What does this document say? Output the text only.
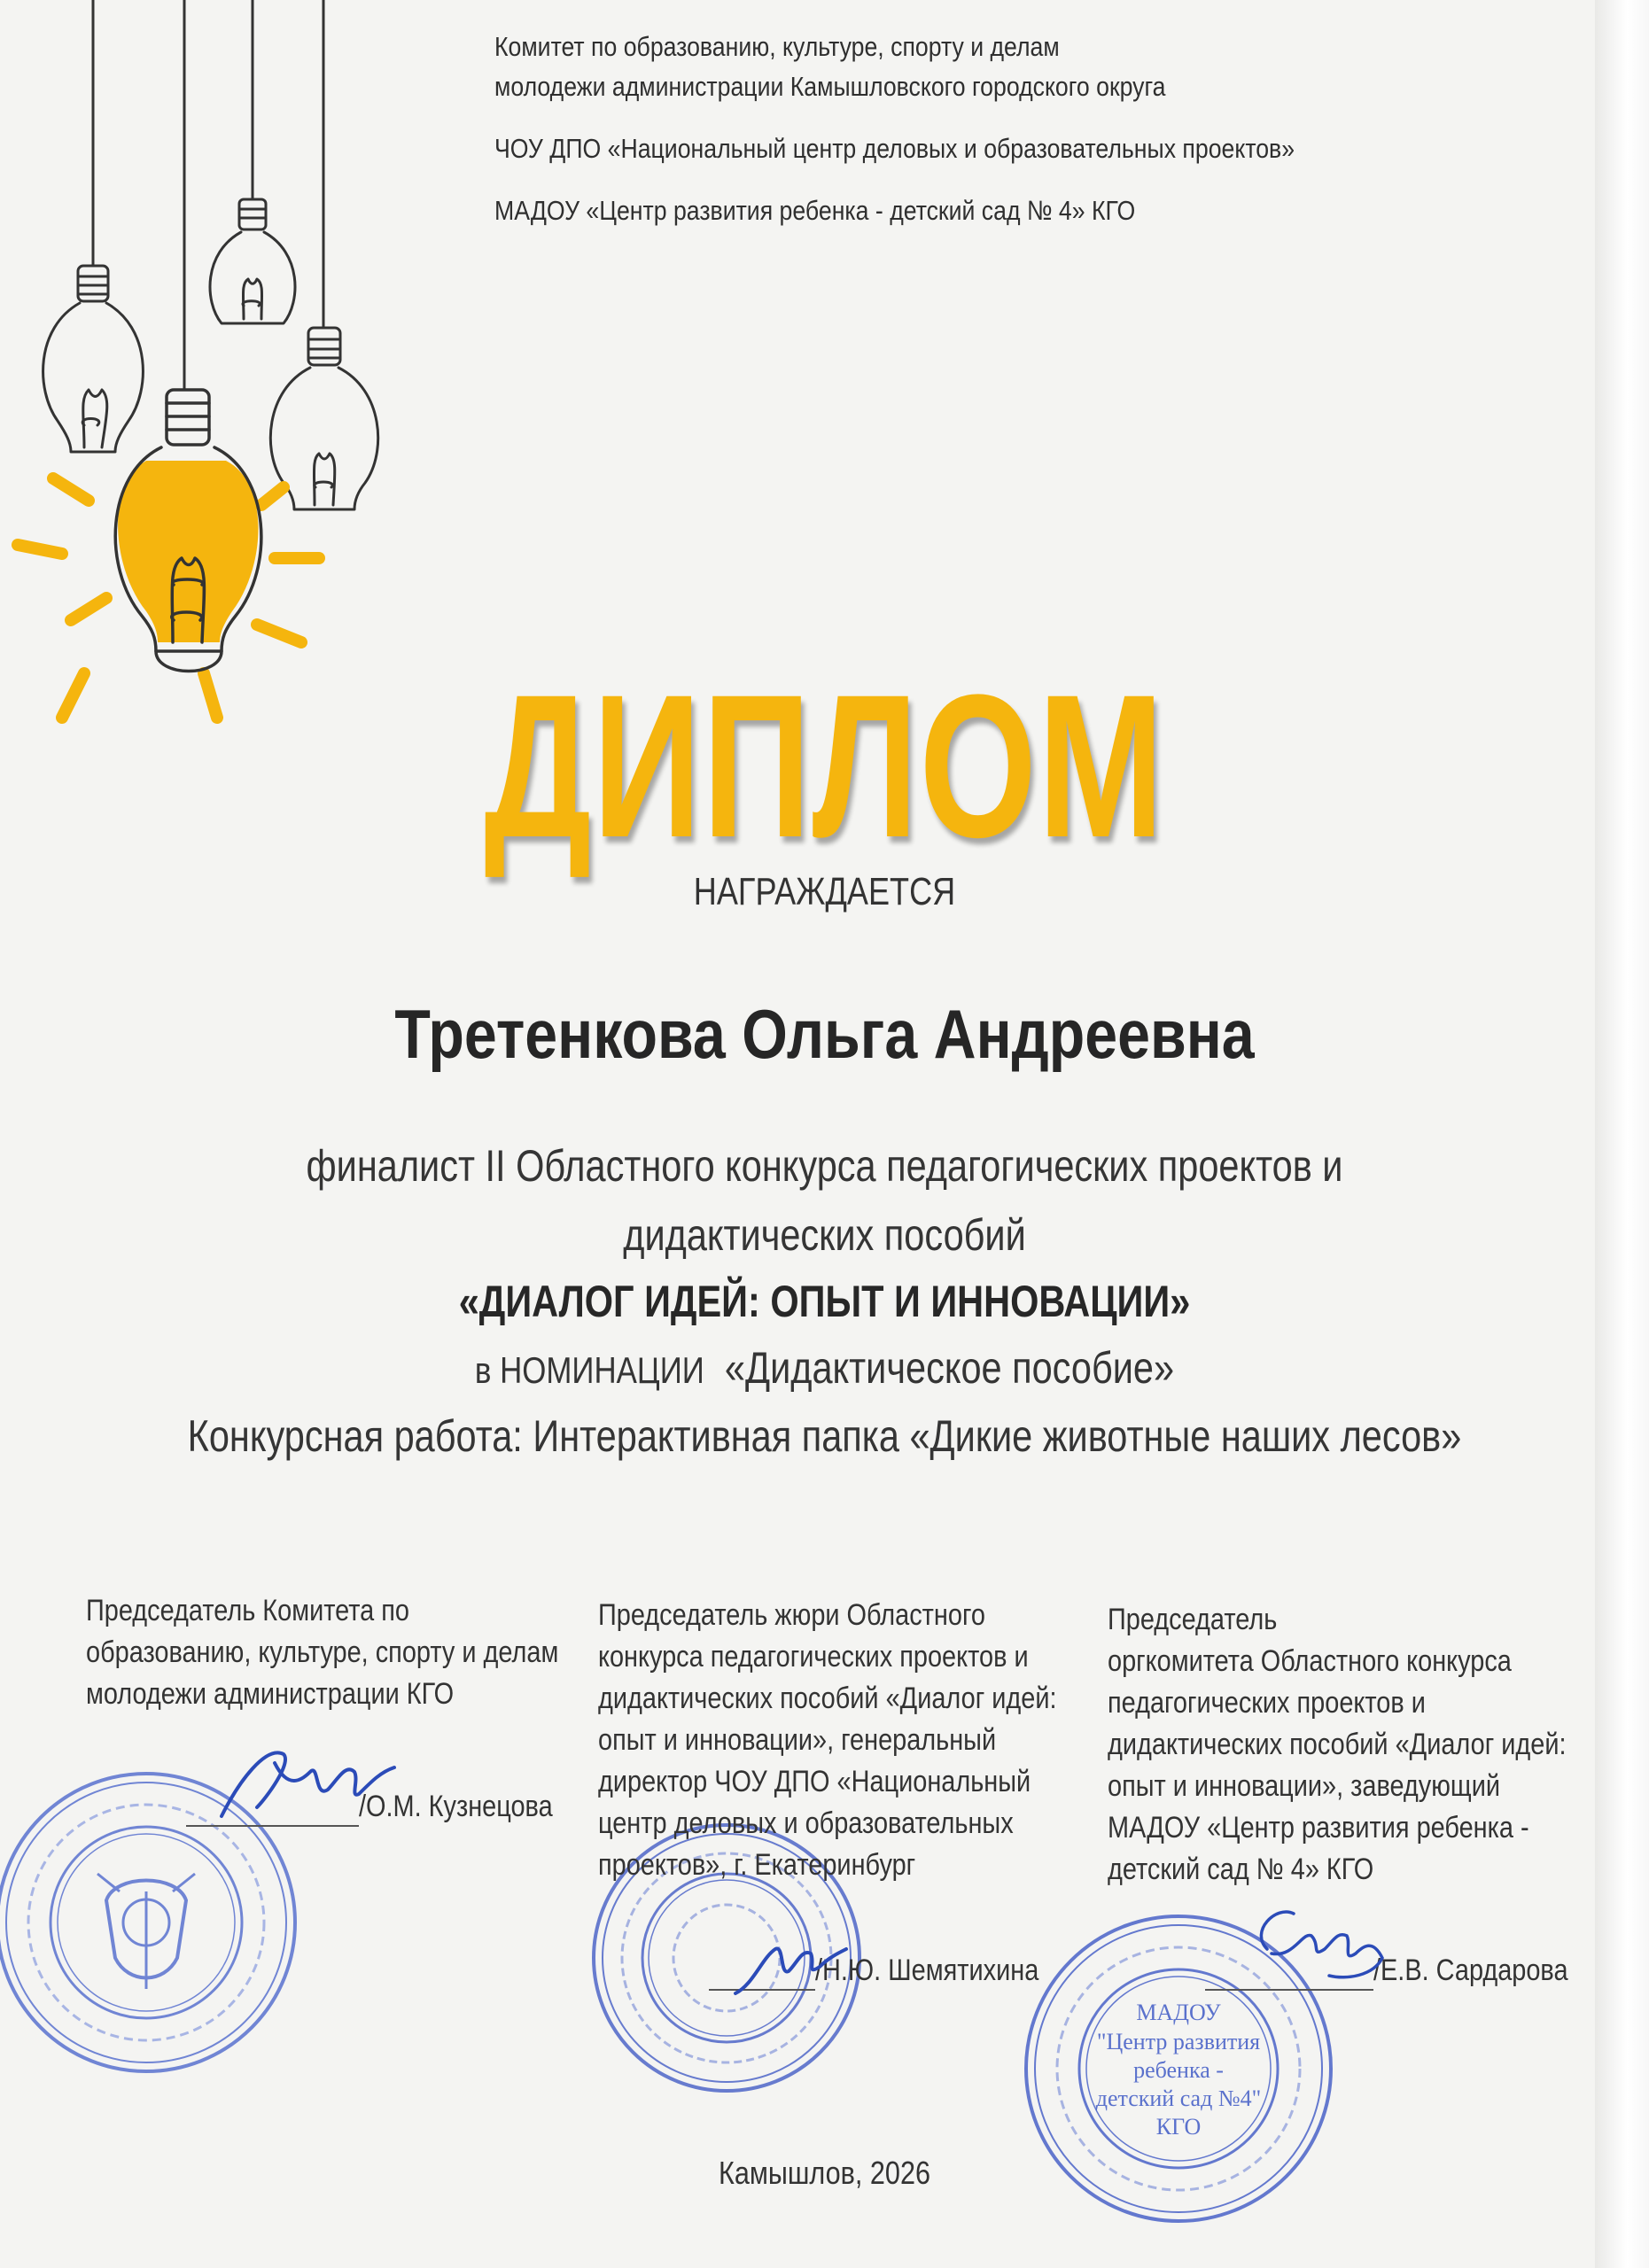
Комитет по образованию, культуре, спорту и делам

молодежи администрации Камышловского городского округа

ЧОУ ДПО «Национальный центр деловых и образовательных проектов»

МАДОУ «Центр развития ребенка - детский сад № 4» КГО

ДИПЛОМ

НАГРАЖДАЕТСЯ

Третенкова Ольга Андреевна

финалист II Областного конкурса педагогических проектов и

дидактических пособий

«ДИАЛОГ ИДЕЙ: ОПЫТ И ИННОВАЦИИ»

в НОМИНАЦИИ «Дидактическое пособие»

Конкурсная работа: Интерактивная папка «Дикие животные наших лесов»

МАДОУ
"Центр развития
ребенка -
детский сад №4"
КГО

Председатель Комитета по

образованию, культуре, спорту и делам

молодежи администрации КГО

/О.М. Кузнецова

Председатель жюри Областного

конкурса педагогических проектов и

дидактических пособий «Диалог идей:

опыт и инновации», генеральный

директор ЧОУ ДПО «Национальный

центр деловых и образовательных

проектов», г. Екатеринбург

/Н.Ю. Шемятихина

Председатель

оргкомитета Областного конкурса

педагогических проектов и

дидактических пособий «Диалог идей:

опыт и инновации», заведующий

МАДОУ «Центр развития ребенка -

детский сад № 4» КГО

/Е.В. Сардарова

Камышлов, 2026
